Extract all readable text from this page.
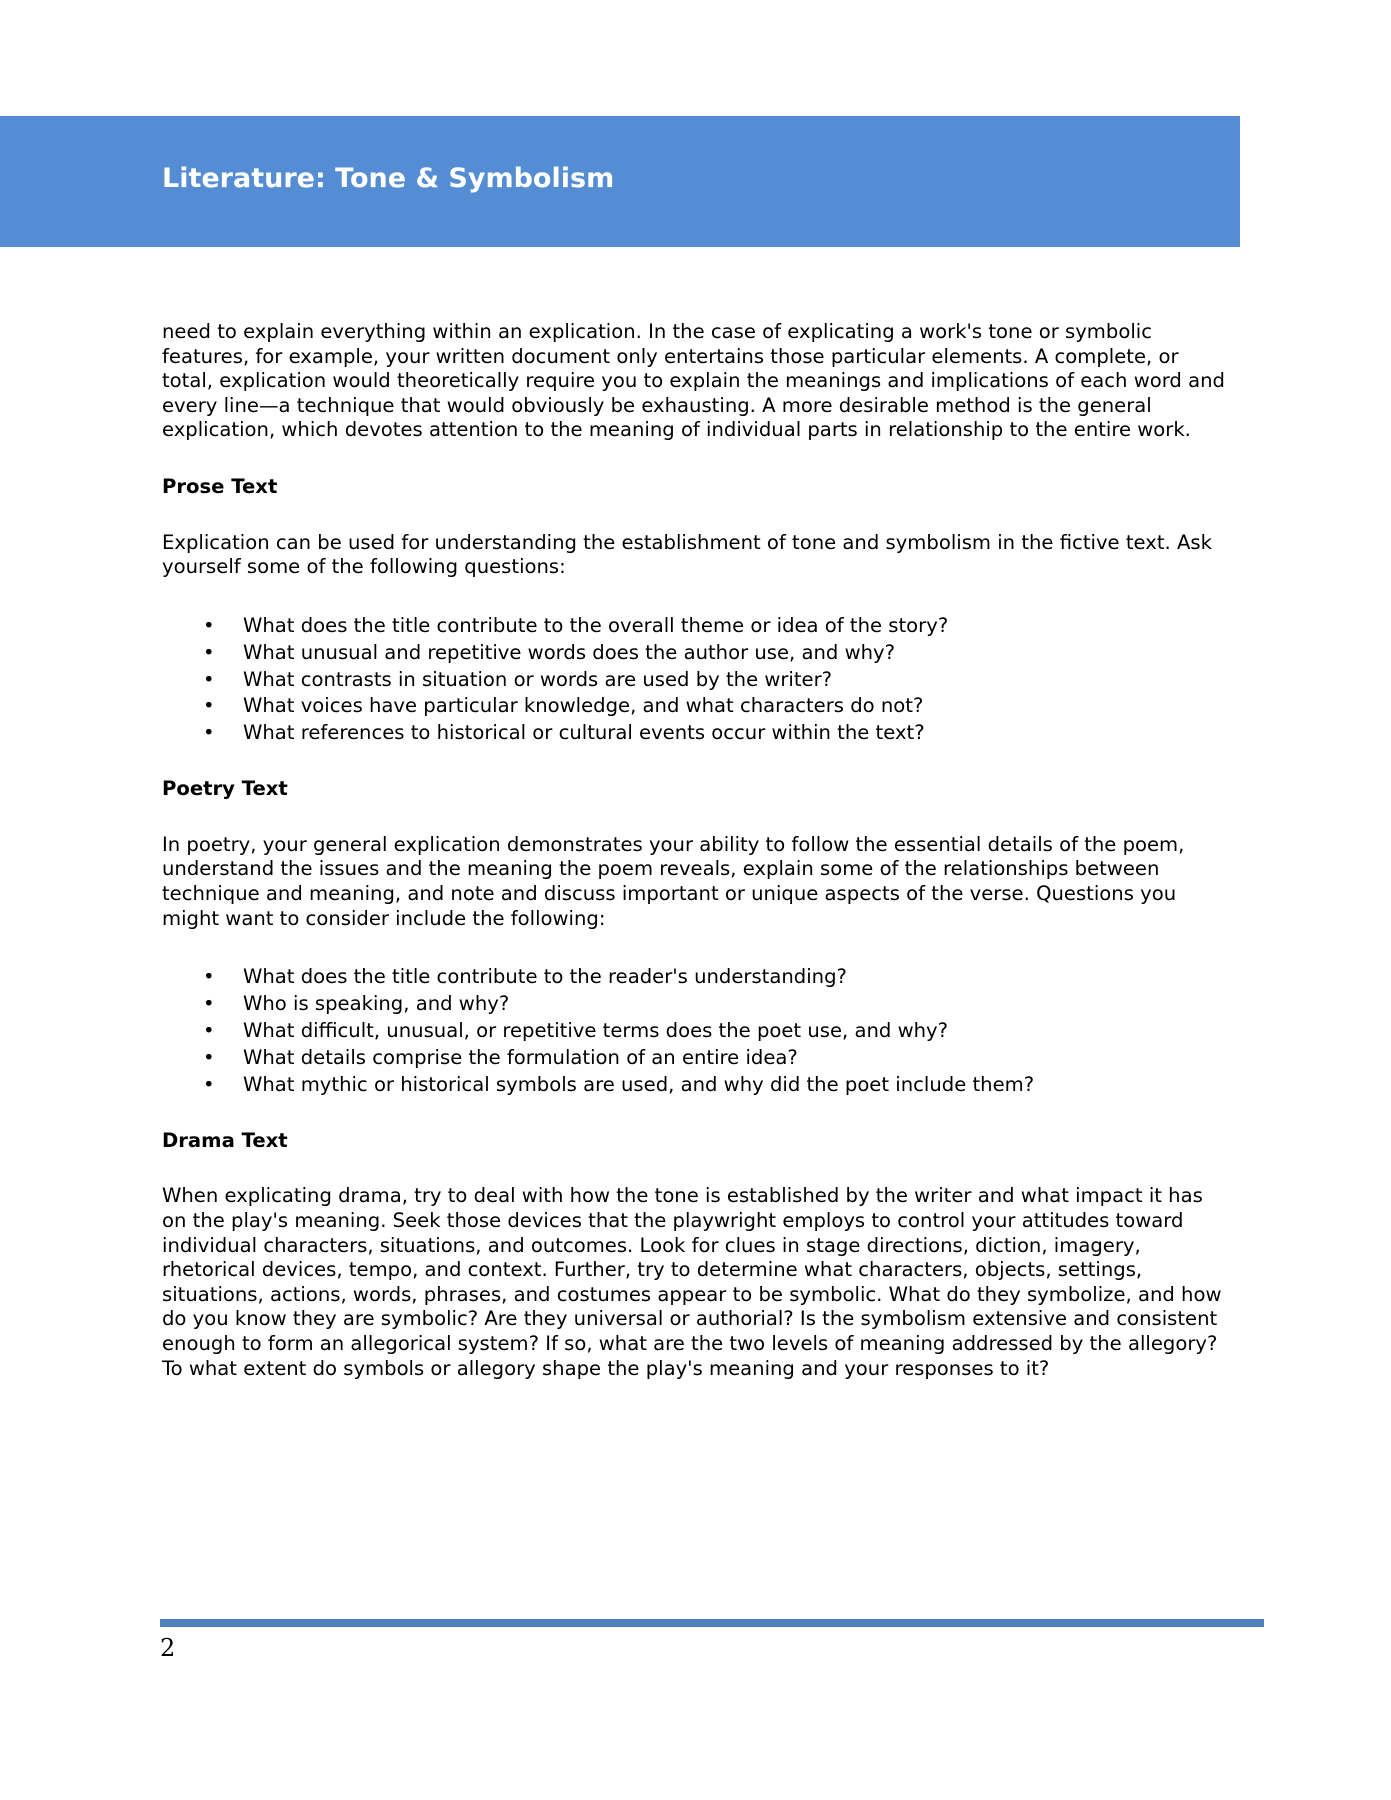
Literature: Tone & Symbolism

need to explain everything within an explication. In the case of explicating a work's tone or symbolic features, for example, your written document only entertains those particular elements. A complete, or total, explication would theoretically require you to explain the meanings and implications of each word and every line—a technique that would obviously be exhausting. A more desirable method is the general explication, which devotes attention to the meaning of individual parts in relationship to the entire work.

Prose Text

Explication can be used for understanding the establishment of tone and symbolism in the fictive text. Ask yourself some of the following questions:

• What does the title contribute to the overall theme or idea of the story?
• What unusual and repetitive words does the author use, and why?
• What contrasts in situation or words are used by the writer?
• What voices have particular knowledge, and what characters do not?
• What references to historical or cultural events occur within the text?

Poetry Text

In poetry, your general explication demonstrates your ability to follow the essential details of the poem, understand the issues and the meaning the poem reveals, explain some of the relationships between technique and meaning, and note and discuss important or unique aspects of the verse. Questions you might want to consider include the following:

• What does the title contribute to the reader's understanding?
• Who is speaking, and why?
• What difficult, unusual, or repetitive terms does the poet use, and why?
• What details comprise the formulation of an entire idea?
• What mythic or historical symbols are used, and why did the poet include them?

Drama Text

When explicating drama, try to deal with how the tone is established by the writer and what impact it has on the play's meaning. Seek those devices that the playwright employs to control your attitudes toward individual characters, situations, and outcomes. Look for clues in stage directions, diction, imagery, rhetorical devices, tempo, and context. Further, try to determine what characters, objects, settings, situations, actions, words, phrases, and costumes appear to be symbolic. What do they symbolize, and how do you know they are symbolic? Are they universal or authorial? Is the symbolism extensive and consistent enough to form an allegorical system? If so, what are the two levels of meaning addressed by the allegory? To what extent do symbols or allegory shape the play's meaning and your responses to it?

2
